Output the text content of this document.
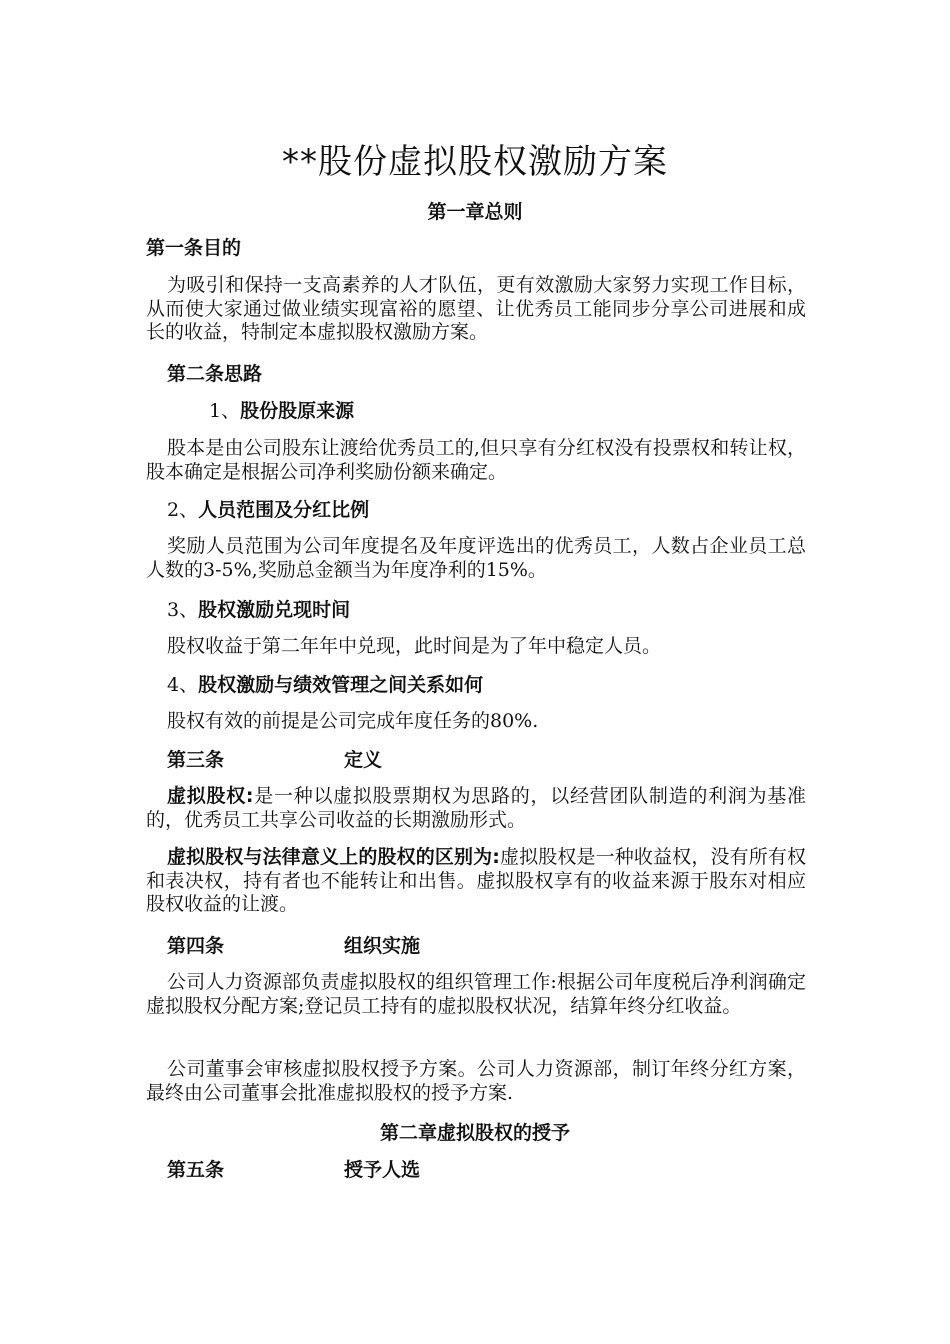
**股份虚拟股权激励方案
第一章总则
第一条目的
为吸引和保持一支高素养的人才队伍，更有效激励大家努力实现工作目标，从而使大家通过做业绩实现富裕的愿望、让优秀员工能同步分享公司进展和成长的收益，特制定本虚拟股权激励方案。
第二条思路
1、股份股原来源
股本是由公司股东让渡给优秀员工的,但只享有分红权没有投票权和转让权，股本确定是根据公司净利奖励份额来确定。
2、人员范围及分红比例
奖励人员范围为公司年度提名及年度评选出的优秀员工，人数占企业员工总人数的3-5%,奖励总金额当为年度净利的15%。
3、股权激励兑现时间
股权收益于第二年年中兑现，此时间是为了年中稳定人员。
4、股权激励与绩效管理之间关系如何
股权有效的前提是公司完成年度任务的80%.
第三条	定义
虚拟股权:是一种以虚拟股票期权为思路的，以经营团队制造的利润为基准的，优秀员工共享公司收益的长期激励形式。
虚拟股权与法律意义上的股权的区别为:虚拟股权是一种收益权，没有所有权和表决权，持有者也不能转让和出售。虚拟股权享有的收益来源于股东对相应股权收益的让渡。
第四条	组织实施
公司人力资源部负责虚拟股权的组织管理工作:根据公司年度税后净利润确定虚拟股权分配方案;登记员工持有的虚拟股权状况，结算年终分红收益。
公司董事会审核虚拟股权授予方案。公司人力资源部，制订年终分红方案，最终由公司董事会批准虚拟股权的授予方案.
第二章虚拟股权的授予
第五条	授予人选
